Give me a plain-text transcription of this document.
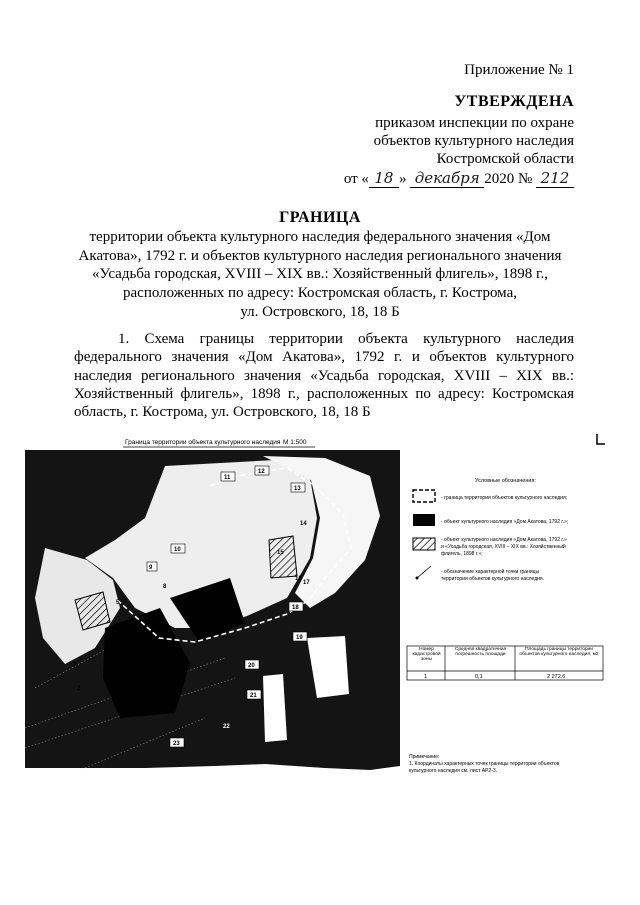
Приложение № 1
УТВЕРЖДЕНА
приказом инспекции по охране
объектов культурного наследия
Костромской области
от « 18 » декабря 2020 № 212
ГРАНИЦА
территории объекта культурного наследия федерального значения «Дом
Акатова», 1792 г. и объектов культурного наследия регионального значения
«Усадьба городская, XVIII – XIX вв.: Хозяйственный флигель», 1898 г.,
расположенных по адресу: Костромская область, г. Кострома,
ул. Островского, 18, 18 Б
1. Схема границы территории объекта культурного наследия федерального значения «Дом Акатова», 1792 г. и объектов культурного наследия регионального значения «Усадьба городская, XVIII – XIX вв.: Хозяйственный флигель», 1898 г., расположенных по адресу: Костромская область, г. Кострома, ул. Островского, 18, 18 Б
Граница территории объекта культурного наследия М 1:500
11
12
13
14
16
15
17
18
10
9
8
5
6
7
4
3
2
1
19
20
21
22
23
Условные обозначения:
- граница территории объектов культурного наследия;
- объект культурного наследия «Дом Акатова, 1792 г.»;
- объект культурного наследия «Дом Акатова, 1792 г.»
и «Усадьба городская, XVIII – XIX вв.: Хозяйственный
флигель, 1898 г.»;
- обозначение характерной точки границы
территории объектов культурного наследия.
Номер кадастровой зоны
Средняя квадратичная погрешность площади
Площадь границы территории объектов культурного наследия, м2
1	0,1	2 272,6
Примечание:
1. Координаты характерных точек границы территории объектов
культурного наследия см. лист АР2-3.
